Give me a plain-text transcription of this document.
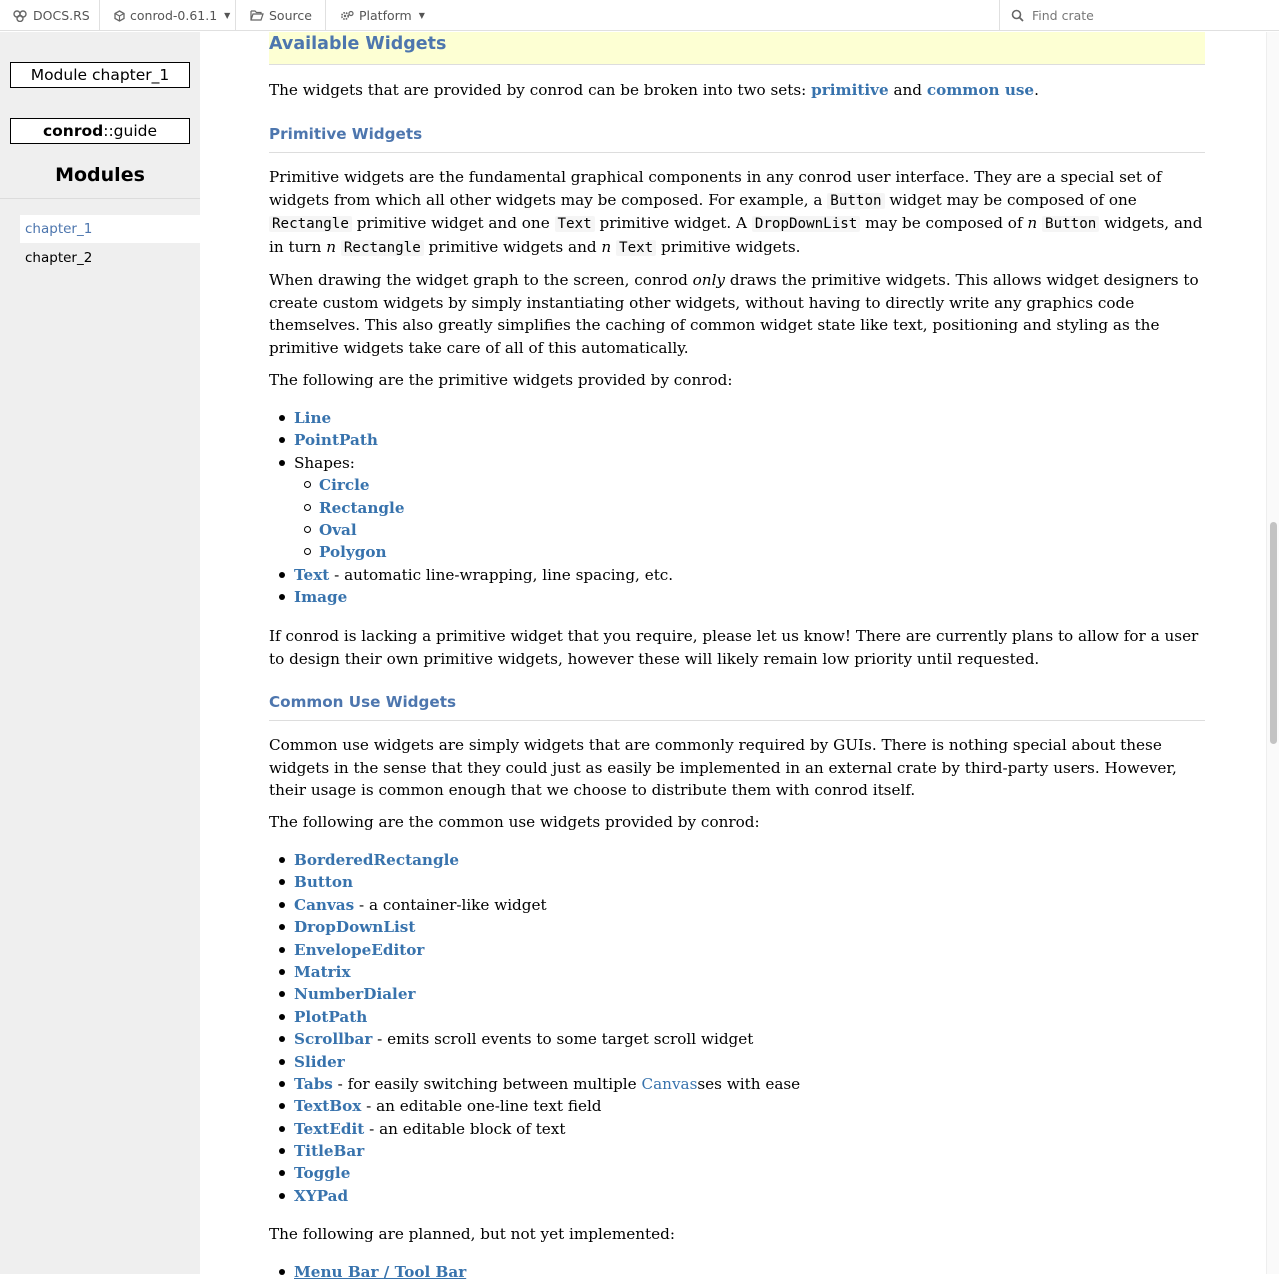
DOCS.RS	conrod-0.61.1 ▼	Source	Platform ▼	Find crate
Module chapter_1
conrod::guide
Modules
chapter_1
chapter_2
Available Widgets

The widgets that are provided by conrod can be broken into two sets: primitive and common use.

Primitive Widgets

Primitive widgets are the fundamental graphical components in any conrod user interface. They are a special set of widgets from which all other widgets may be composed. For example, a Button widget may be composed of one Rectangle primitive widget and one Text primitive widget. A DropDownList may be composed of n Button widgets, and in turn n Rectangle primitive widgets and n Text primitive widgets.

When drawing the widget graph to the screen, conrod only draws the primitive widgets. This allows widget designers to create custom widgets by simply instantiating other widgets, without having to directly write any graphics code themselves. This also greatly simplifies the caching of common widget state like text, positioning and styling as the primitive widgets take care of all of this automatically.

The following are the primitive widgets provided by conrod:

Line
PointPath
Shapes:
Circle
Rectangle
Oval
Polygon
Text - automatic line-wrapping, line spacing, etc.
Image

If conrod is lacking a primitive widget that you require, please let us know! There are currently plans to allow for a user to design their own primitive widgets, however these will likely remain low priority until requested.

Common Use Widgets

Common use widgets are simply widgets that are commonly required by GUIs. There is nothing special about these widgets in the sense that they could just as easily be implemented in an external crate by third-party users. However, their usage is common enough that we choose to distribute them with conrod itself.

The following are the common use widgets provided by conrod:

BorderedRectangle
Button
Canvas - a container-like widget
DropDownList
EnvelopeEditor
Matrix
NumberDialer
PlotPath
Scrollbar - emits scroll events to some target scroll widget
Slider
Tabs - for easily switching between multiple Canvasses with ease
TextBox - an editable one-line text field
TextEdit - an editable block of text
TitleBar
Toggle
XYPad

The following are planned, but not yet implemented:

Menu Bar / Tool Bar
